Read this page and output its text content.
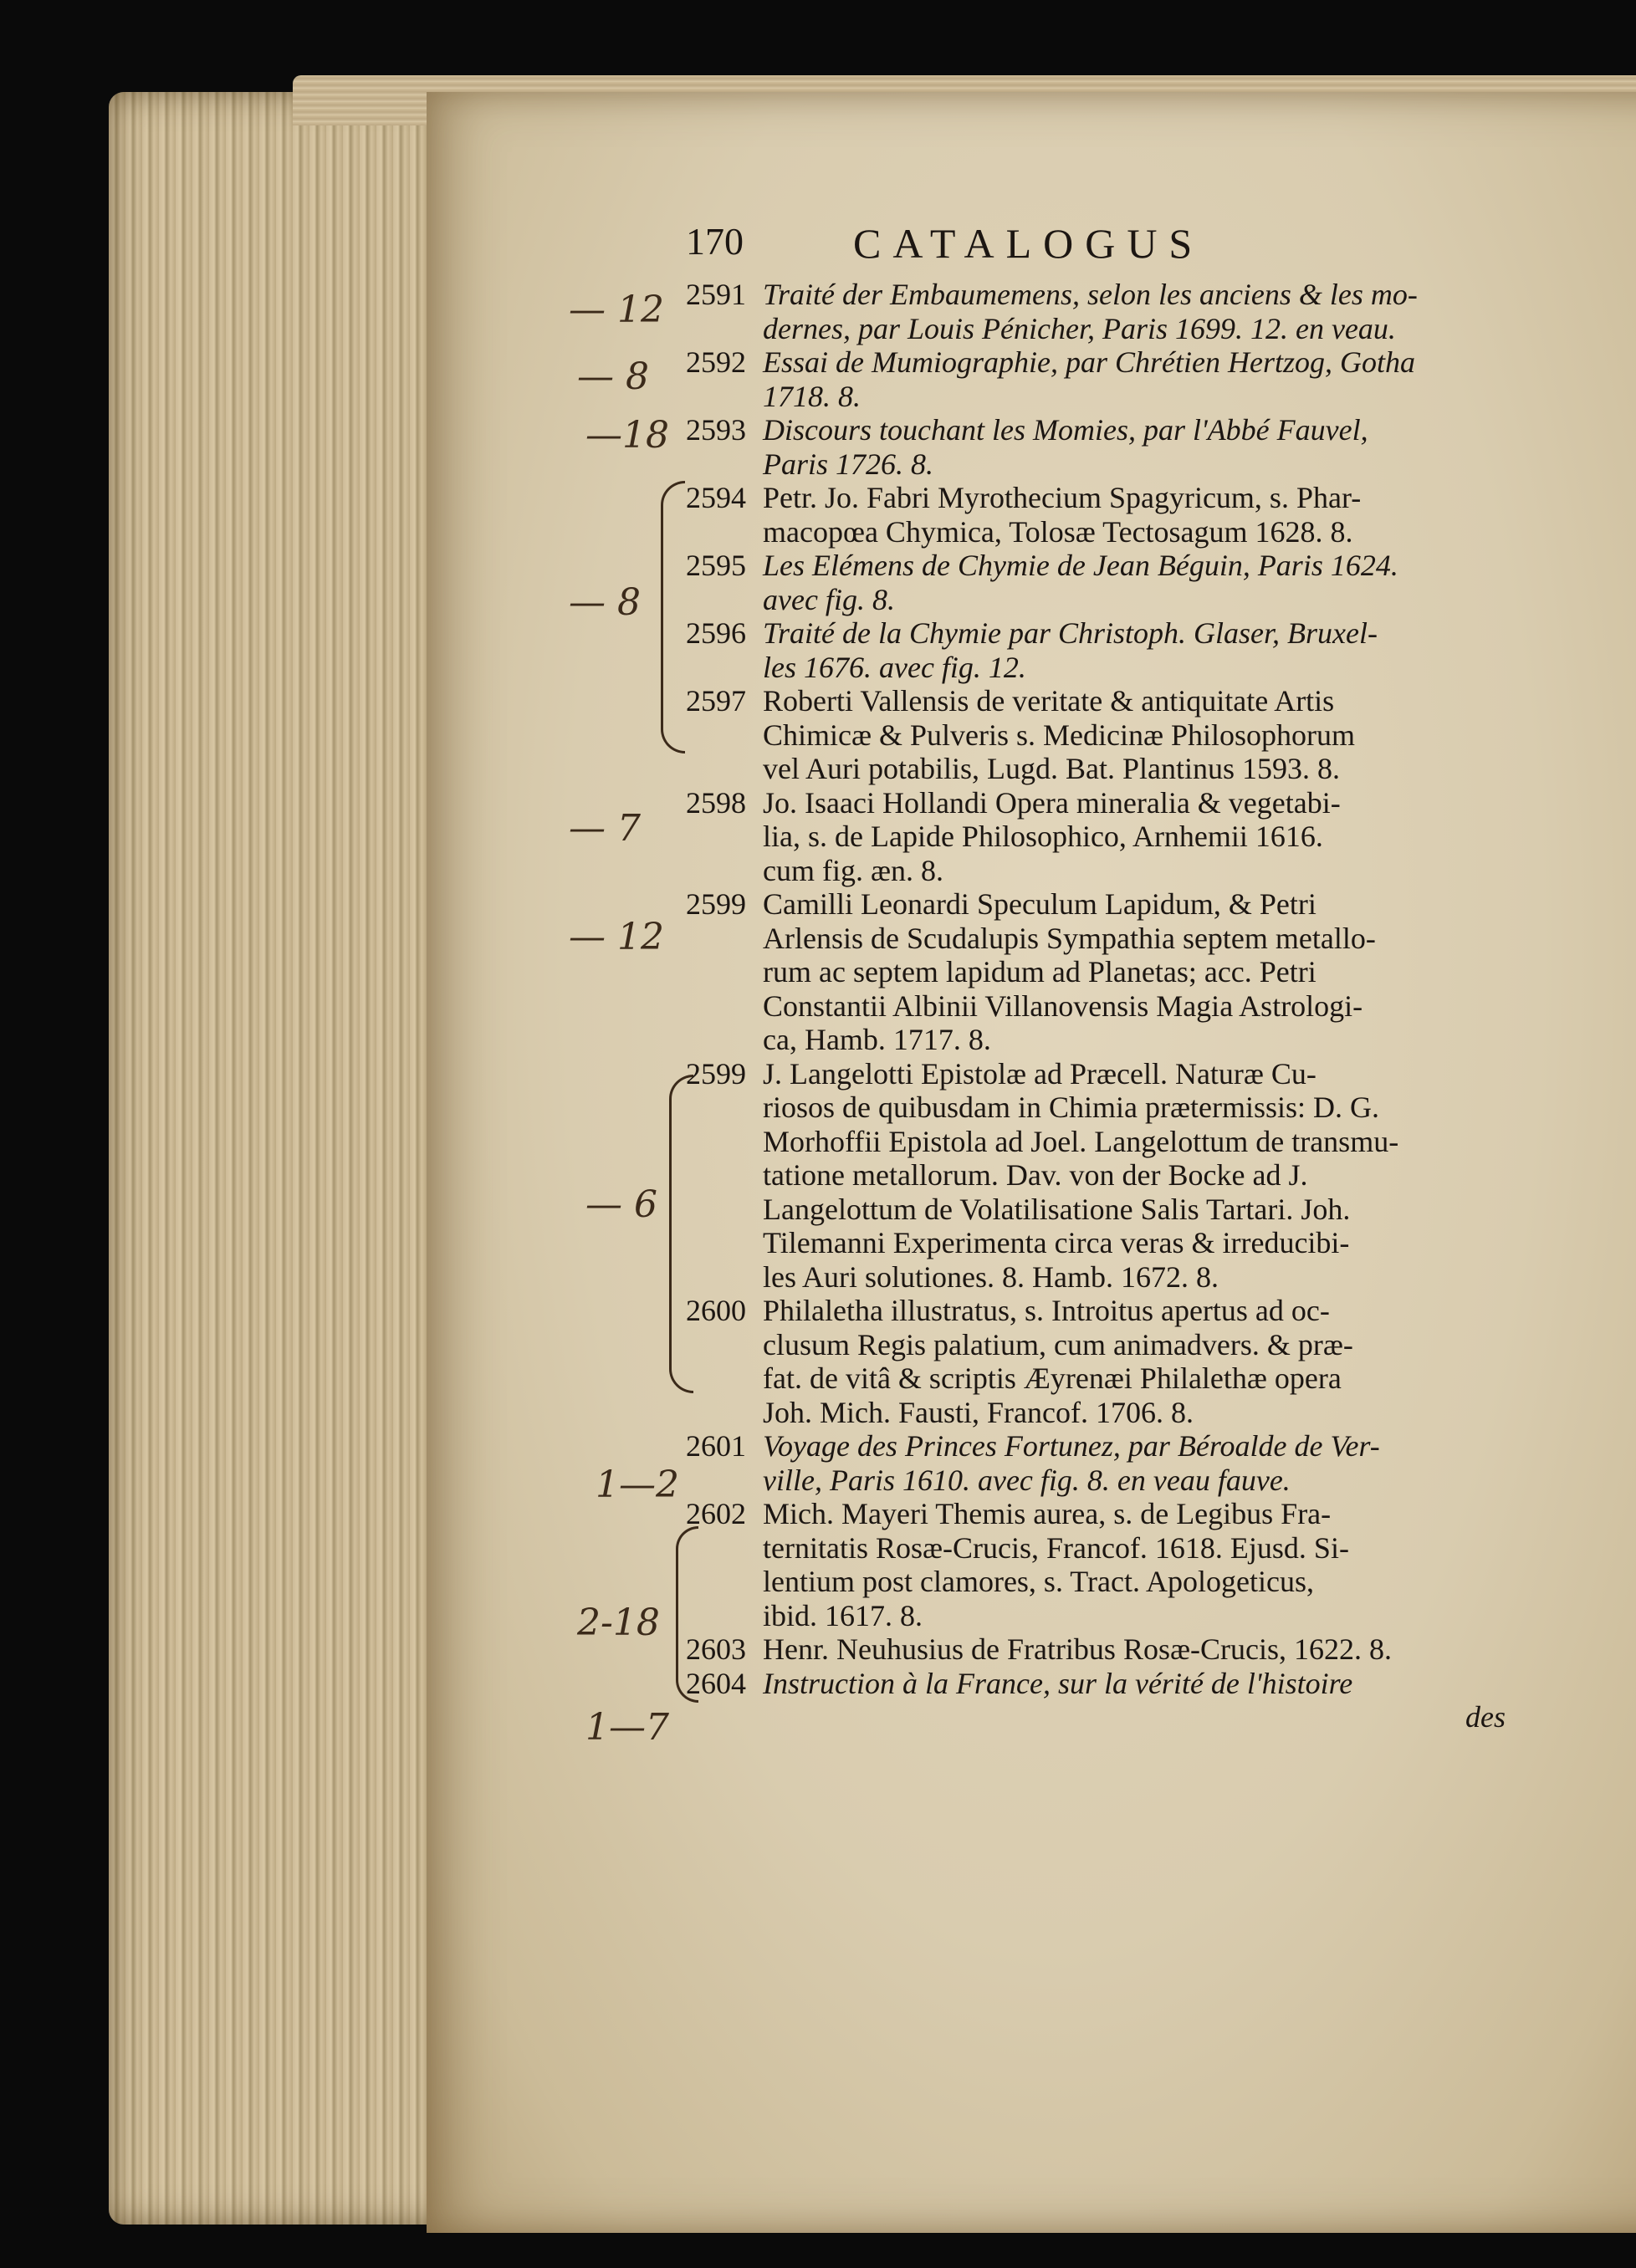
— 12
— 8
—18
— 8
— 7
— 12
— 6
1—2
2-18
1—7
170	CATALOGUS
2591 Traité der Embaumemens, selon les anciens & les mo-
dernes, par Louis Pénicher, Paris 1699. 12. en veau.
2592 Essai de Mumiographie, par Chrétien Hertzog, Gotha
1718. 8.
2593 Discours touchant les Momies, par l'Abbé Fauvel,
Paris 1726. 8.
2594 Petr. Jo. Fabri Myrothecium Spagyricum, s. Phar-
macopœa Chymica, Tolosæ Tectosagum 1628. 8.
2595 Les Elémens de Chymie de Jean Béguin, Paris 1624.
avec fig. 8.
2596 Traité de la Chymie par Christoph. Glaser, Bruxel-
les 1676. avec fig. 12.
2597 Roberti Vallensis de veritate & antiquitate Artis
Chimicæ & Pulveris s. Medicinæ Philosophorum
vel Auri potabilis, Lugd. Bat. Plantinus 1593. 8.
2598 Jo. Isaaci Hollandi Opera mineralia & vegetabi-
lia, s. de Lapide Philosophico, Arnhemii 1616.
cum fig. æn. 8.
2599 Camilli Leonardi Speculum Lapidum, & Petri
Arlensis de Scudalupis Sympathia septem metallo-
rum ac septem lapidum ad Planetas; acc. Petri
Constantii Albinii Villanovensis Magia Astrologi-
ca, Hamb. 1717. 8.
2599 J. Langelotti Epistolæ ad Præcell. Naturæ Cu-
riosos de quibusdam in Chimia prætermissis: D. G.
Morhoffii Epistola ad Joel. Langelottum de transmu-
tatione metallorum. Dav. von der Bocke ad J.
Langelottum de Volatilisatione Salis Tartari. Joh.
Tilemanni Experimenta circa veras & irreducibi-
les Auri solutiones. 8. Hamb. 1672. 8.
2600 Philaletha illustratus, s. Introitus apertus ad oc-
clusum Regis palatium, cum animadvers. & præ-
fat. de vitâ & scriptis Æyrenæi Philalethæ opera
Joh. Mich. Fausti, Francof. 1706. 8.
2601 Voyage des Princes Fortunez, par Béroalde de Ver-
ville, Paris 1610. avec fig. 8. en veau fauve.
2602 Mich. Mayeri Themis aurea, s. de Legibus Fra-
ternitatis Rosæ-Crucis, Francof. 1618. Ejusd. Si-
lentium post clamores, s. Tract. Apologeticus,
ibid. 1617. 8.
2603 Henr. Neuhusius de Fratribus Rosæ-Crucis, 1622. 8.
2604 Instruction à la France, sur la vérité de l'histoire
des
